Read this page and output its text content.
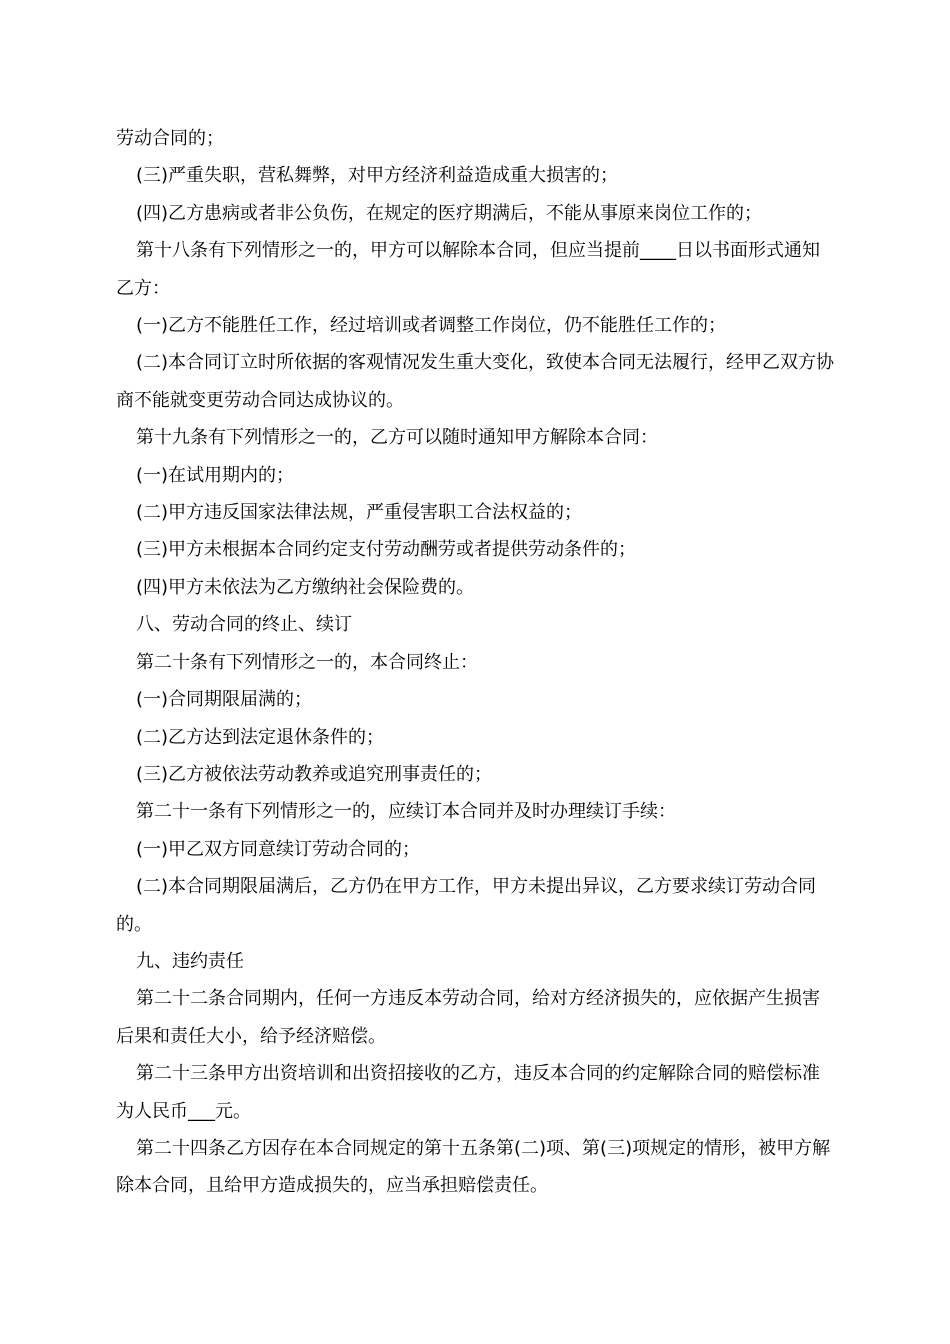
劳动合同的；

(三)严重失职，营私舞弊，对甲方经济利益造成重大损害的；

(四)乙方患病或者非公负伤，在规定的医疗期满后，不能从事原来岗位工作的；

第十八条有下列情形之一的，甲方可以解除本合同，但应当提前____日以书面形式通知乙方：

(一)乙方不能胜任工作，经过培训或者调整工作岗位，仍不能胜任工作的；

(二)本合同订立时所依据的客观情况发生重大变化，致使本合同无法履行，经甲乙双方协商不能就变更劳动合同达成协议的。

第十九条有下列情形之一的，乙方可以随时通知甲方解除本合同：

(一)在试用期内的；

(二)甲方违反国家法律法规，严重侵害职工合法权益的；

(三)甲方未根据本合同约定支付劳动酬劳或者提供劳动条件的；

(四)甲方未依法为乙方缴纳社会保险费的。

八、劳动合同的终止、续订

第二十条有下列情形之一的，本合同终止：

(一)合同期限届满的；

(二)乙方达到法定退休条件的；

(三)乙方被依法劳动教养或追究刑事责任的；

第二十一条有下列情形之一的，应续订本合同并及时办理续订手续：

(一)甲乙双方同意续订劳动合同的；

(二)本合同期限届满后，乙方仍在甲方工作，甲方未提出异议，乙方要求续订劳动合同的。

九、违约责任

第二十二条合同期内，任何一方违反本劳动合同，给对方经济损失的，应依据产生损害后果和责任大小，给予经济赔偿。

第二十三条甲方出资培训和出资招接收的乙方，违反本合同的约定解除合同的赔偿标准为人民币___元。

第二十四条乙方因存在本合同规定的第十五条第(二)项、第(三)项规定的情形，被甲方解除本合同，且给甲方造成损失的，应当承担赔偿责任。
